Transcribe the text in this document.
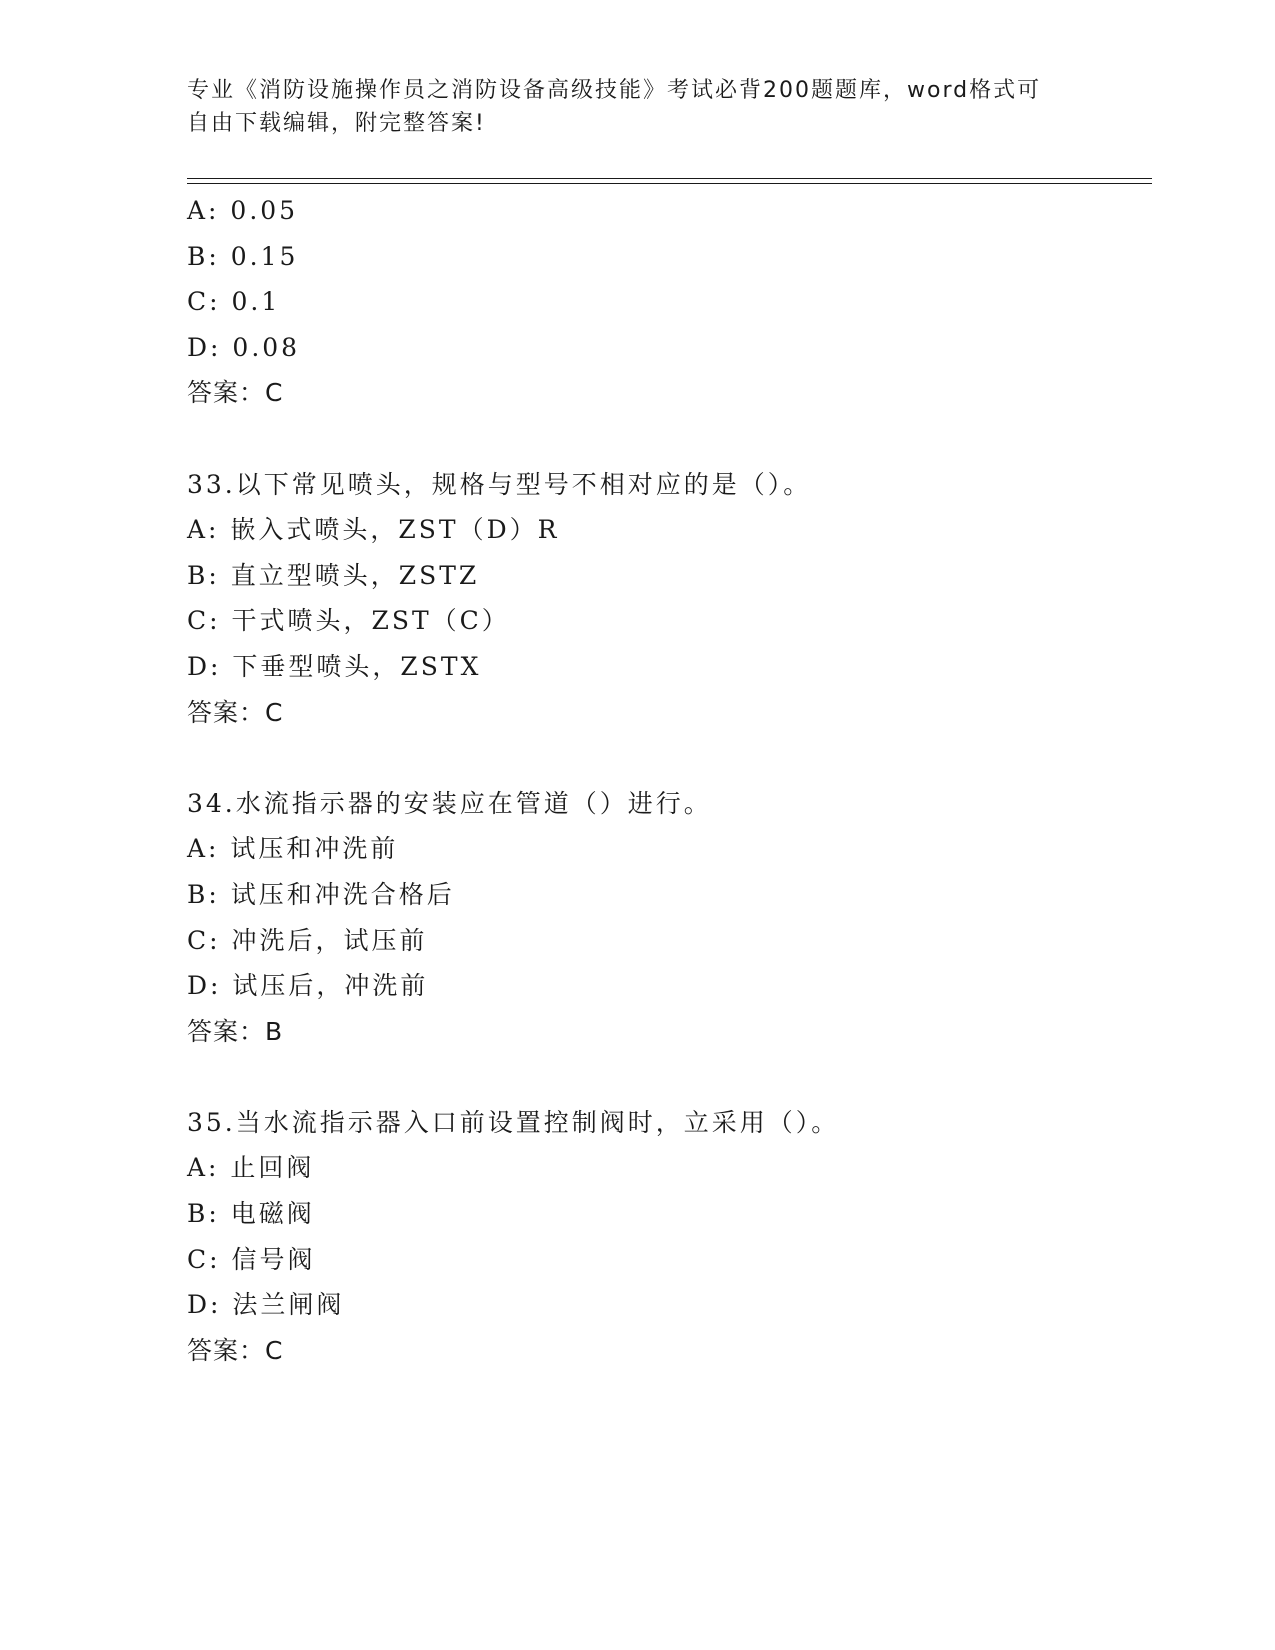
专业《消防设施操作员之消防设备高级技能》考试必背200题题库，word格式可
自由下载编辑，附完整答案!
A: 0.05
B: 0.15
C: 0.1
D: 0.08
答案：C
33.以下常见喷头，规格与型号不相对应的是（）。
A: 嵌入式喷头，ZST（D）R
B: 直立型喷头，ZSTZ
C: 干式喷头，ZST（C）
D: 下垂型喷头，ZSTX
答案：C
34.水流指示器的安装应在管道（）进行。
A: 试压和冲洗前
B: 试压和冲洗合格后
C: 冲洗后，试压前
D: 试压后，冲洗前
答案：B
35.当水流指示器入口前设置控制阀时，立采用（）。
A: 止回阀
B: 电磁阀
C: 信号阀
D: 法兰闸阀
答案：C
